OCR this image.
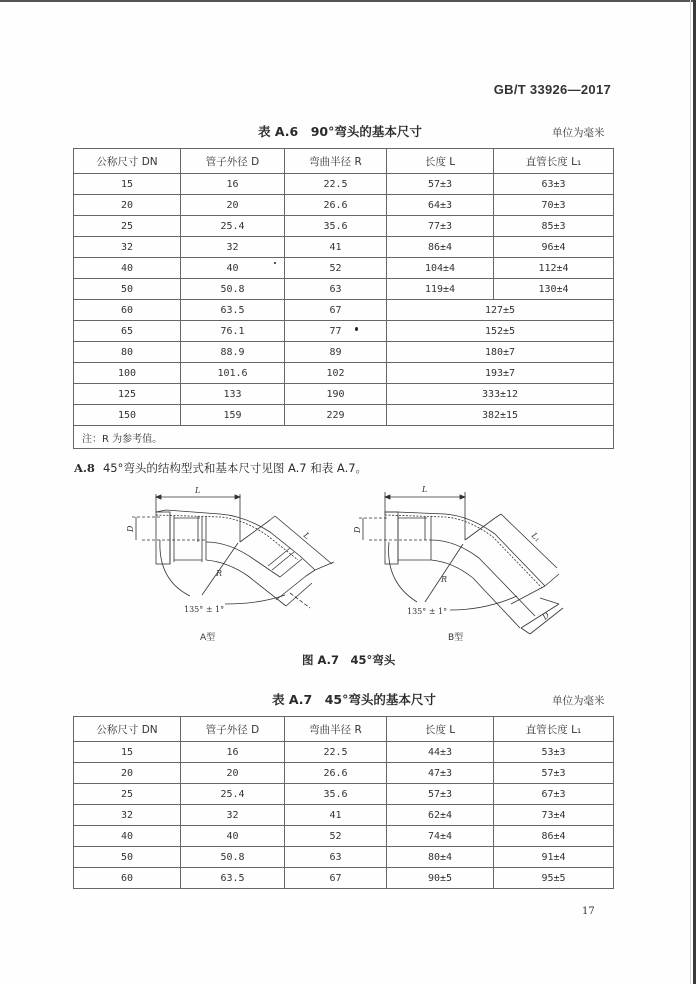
GB/T 33926—2017
表 A.6　90°弯头的基本尺寸	单位为毫米
公称尺寸 DN	管子外径 D	弯曲半径 R	长度 L	直管长度 L₁
15	16	22.5	57±3	63±3
20	20	26.6	64±3	70±3
25	25.4	35.6	77±3	85±3
32	32	41	86±4	96±4
40	40	52	104±4	112±4
50	50.8	63	119±4	130±4
60	63.5	67	127±5	
65	76.1	77	152±5	
80	88.9	89	180±7	
100	101.6	102	193±7	
125	133	190	333±12	
150	159	229	382±15	
注：R 为参考值。				
A.8 45°弯头的结构型式和基本尺寸见图 A.7 和表 A.7。
L
L
D
R
135° ± 1°
A型
L
L₁
D
R
D
135° ± 1°
B型
图 A.7　45°弯头
表 A.7　45°弯头的基本尺寸	单位为毫米
公称尺寸 DN	管子外径 D	弯曲半径 R	长度 L	直管长度 L₁
15	16	22.5	44±3	53±3
20	20	26.6	47±3	57±3
25	25.4	35.6	57±3	67±3
32	32	41	62±4	73±4
40	40	52	74±4	86±4
50	50.8	63	80±4	91±4
60	63.5	67	90±5	95±5
17
